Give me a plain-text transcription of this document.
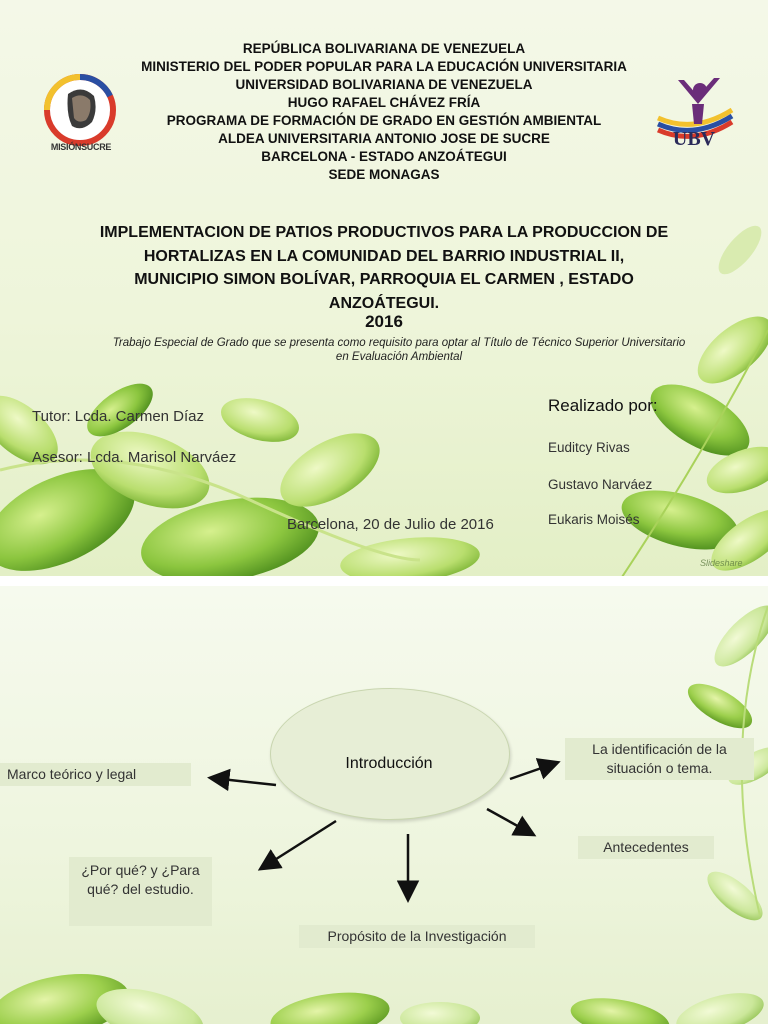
MISIÓNSUCRE	UBV
REPÚBLICA BOLIVARIANA DE VENEZUELA
MINISTERIO DEL PODER POPULAR PARA LA EDUCACIÓN UNIVERSITARIA
UNIVERSIDAD BOLIVARIANA DE VENEZUELA
HUGO RAFAEL CHÁVEZ FRÍA
PROGRAMA DE FORMACIÓN DE GRADO EN GESTIÓN AMBIENTAL
ALDEA UNIVERSITARIA ANTONIO JOSE DE SUCRE
BARCELONA - ESTADO ANZOÁTEGUI
SEDE MONAGAS
IMPLEMENTACION DE PATIOS PRODUCTIVOS PARA LA PRODUCCION DE
HORTALIZAS EN LA COMUNIDAD DEL BARRIO INDUSTRIAL II,
MUNICIPIO SIMON BOLÍVAR, PARROQUIA EL CARMEN , ESTADO
ANZOÁTEGUI.
2016
Trabajo Especial de Grado que se presenta como requisito para optar al Título de Técnico Superior Universitario en Evaluación Ambiental
Tutor: Lcda. Carmen Díaz
Asesor: Lcda. Marisol Narváez
Barcelona, 20 de Julio de 2016
Realizado por:
Euditcy Rivas
Gustavo Narváez
Eukaris Moisés
Slideshare
Introducción
Marco teórico y legal
La identificación de la situación o tema.
Antecedentes
¿Por qué? y ¿Para qué? del estudio.
Propósito de la Investigación
